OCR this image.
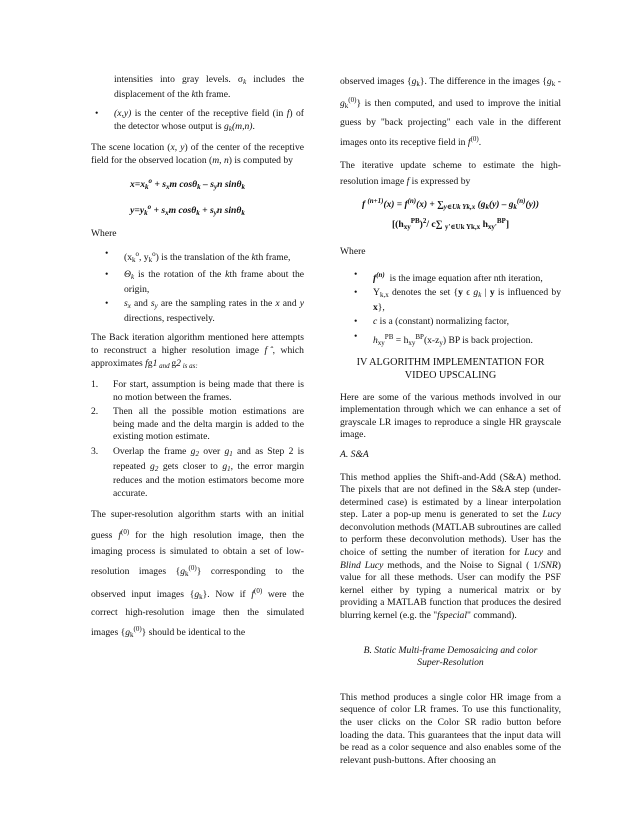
intensities into gray levels. $\sigma_k$ includes the displacement of the kth frame.

• (x,y) is the center of the receptive field (in f) of the detector whose output is $g_k(m,n)$.

The scene location (x, y) of the center of the receptive field for the observed location (m, n) is computed by

$x=x_k^o + s_xm$ $\cos\theta_k - s_yn$ sinθ$_k$
$y=y_k^o + s_xm$ $\cos\theta_k + s_yn$ sinθ$_k$

Where

• ($x_k^o$, $y_k^o$) is the translation of the kth frame,
• $\Theta_k$ is the rotation of the kth frame about the origin,
• $s_x$ and $s_y$ are the sampling rates in the x and y directions, respectively.

The Back iteration algorithm mentioned here attempts to reconstruct a higher resolution image f ̂, which approximates fg1 $_{and}$ g2 $_{is as:}$

1. For start, assumption is being made that there is no motion between the frames.
2. Then all the possible motion estimations are being made and the delta margin is added to the existing motion estimate.
3. Overlap the frame $g_2$ over $g_1$ and as Step 2 is repeated $g_2$ gets closer to $g_1$, the error margin reduces and the motion estimators become more accurate.

The super-resolution algorithm starts with an initial guess $f^{(0)}$ for the high resolution image, then the imaging process is simulated to obtain a set of low-resolution images $\{g_k^{(0)}\}$ corresponding to the observed input images $\{g_k\}$. Now if $f^{(0)}$ were the correct high-resolution image then the simulated images $\{g_k^{(0)}\}$ should be identical to the

observed images $\{g_k\}$. The difference in the images $\{g_k - g_k^{(0)}\}$ is then computed, and used to improve the initial guess by "back projecting" each vale in the different images onto its receptive field in $f^{(0)}$.

The iterative update scheme to estimate the high-resolution image f is expressed by

f $^{(n+1)}(x) = f^{(n)}(x) + \sum_{y\in Uk Yk,x}$ $(g_k(y) - g_k^{(n)}(y))$
[$(h_{xy}^{PB})^2/$ c∑ $_{y'\in Uk Yk,x}$ $h_{xy'}^{BP}$]

Where

• $f^{(n)}$  is the image equation after nth iteration,
• $Y_{k,x}$ denotes the set {y ϵ $g_k$ | y is influenced by x},
• c is a (constant) normalizing factor,
• $h_{xy}^{PB} = h_{xy}^{BP}(x-z_y)$ BP is back projection.
IV ALGORITHM IMPLEMENTATION FOR VIDEO UPSCALING

Here are some of the various methods involved in our implementation through which we can enhance a set of grayscale LR images to reproduce a single HR grayscale image.

A. S&A

This method applies the Shift-and-Add (S&A) method. The pixels that are not defined in the S&A step (under-determined case) is estimated by a linear interpolation step. Later a pop-up menu is generated to set the Lucy deconvolution methods (MATLAB subroutines are called to perform these deconvolution methods). User has the choice of setting the number of iteration for Lucy and Blind Lucy methods, and the Noise to Signal ( 1/SNR) value for all these methods. User can modify the PSF kernel either by typing a numerical matrix or by providing a MATLAB function that produces the desired blurring kernel (e.g. the "fspecial" command).

B. Static Multi-frame Demosaicing and color Super-Resolution

This method produces a single color HR image from a sequence of color LR frames. To use this functionality, the user clicks on the Color SR radio button before loading the data. This guarantees that the input data will be read as a color sequence and also enables some of the relevant push-buttons. After choosing an
